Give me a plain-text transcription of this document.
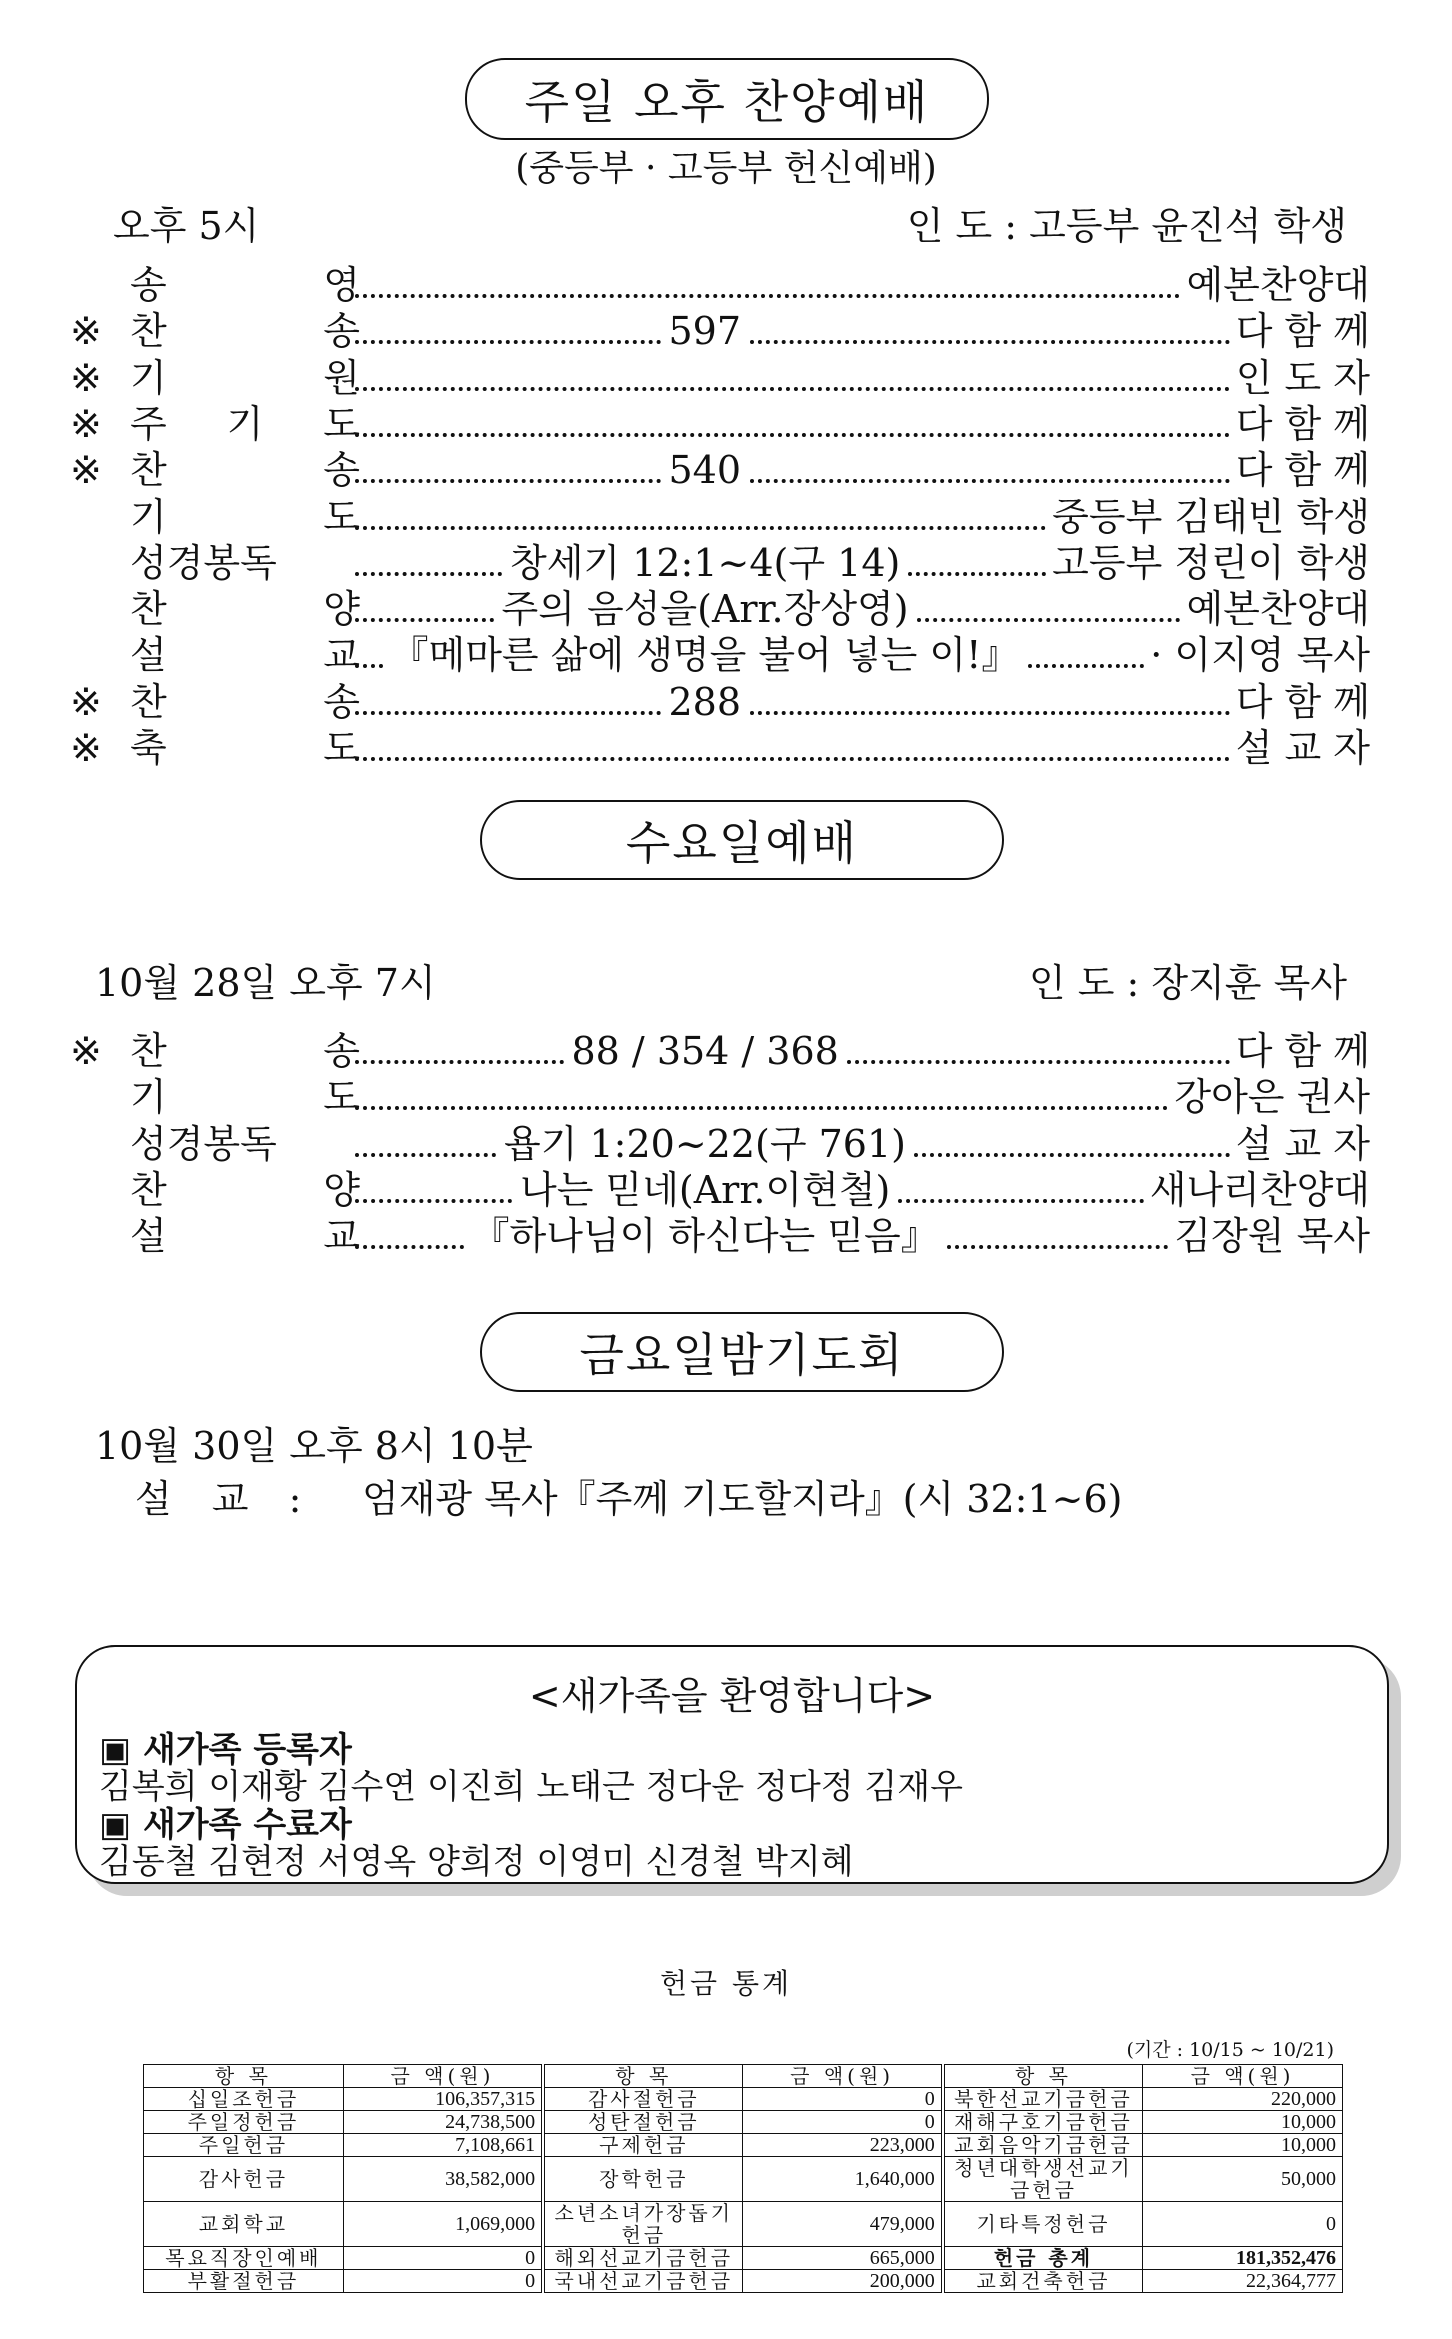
주일 오후 찬양예배
(중등부 · 고등부 헌신예배)
오후 5시	인 도 : 고등부 윤진석 학생
송 영	예본찬양대
※ 찬 송	597	다 함 께
※ 기 원	인 도 자
※ 주 기 도	다 함 께
※ 찬 송	540	다 함 께
기 도	중등부 김태빈 학생
성경봉독	창세기 12:1~4(구 14)	고등부 정린이 학생
찬 양	주의 음성을(Arr.장상영)	예본찬양대
설 교 『메마른 삶에 생명을 불어 넣는 이!』	· 이지영 목사
※ 찬 송	288	다 함 께
※ 축 도	설 교 자
수요일예배
10월 28일 오후 7시	인 도 : 장지훈 목사
※ 찬 송	88 / 354 / 368	다 함 께
기 도	강아은 권사
성경봉독	욥기 1:20~22(구 761)	설 교 자
찬 양	나는 믿네(Arr.이현철)	새나리찬양대
설 교	『하나님이 하신다는 믿음』	김장원 목사
금요일밤기도회
10월 30일 오후 8시 10분
설 교 : 엄재광 목사『주께 기도할지라』(시 32:1~6)
<새가족을 환영합니다>
▣ 새가족 등록자
김복희 이재황 김수연 이진희 노태근 정다운 정다정 김재우
▣ 새가족 수료자
김동철 김현정 서영옥 양희정 이영미 신경철 박지혜
헌금 통계
(기간 : 10/15 ~ 10/21)
항 목	금 액(원)	항 목	금 액(원)	항 목	금 액(원)
십일조헌금	106,357,315	감사절헌금	0	북한선교기금헌금	220,000
주일정헌금	24,738,500	성탄절헌금	0	재해구호기금헌금	10,000
주일헌금	7,108,661	구제헌금	223,000	교회음악기금헌금	10,000
감사헌금	38,582,000	장학헌금	1,640,000	청년대학생선교기금헌금	50,000
교회학교	1,069,000	소년소녀가장돕기헌금	479,000	기타특정헌금	0
목요직장인예배	0	해외선교기금헌금	665,000	헌금 총계	181,352,476
부활절헌금	0	국내선교기금헌금	200,000	교회건축헌금	22,364,777
